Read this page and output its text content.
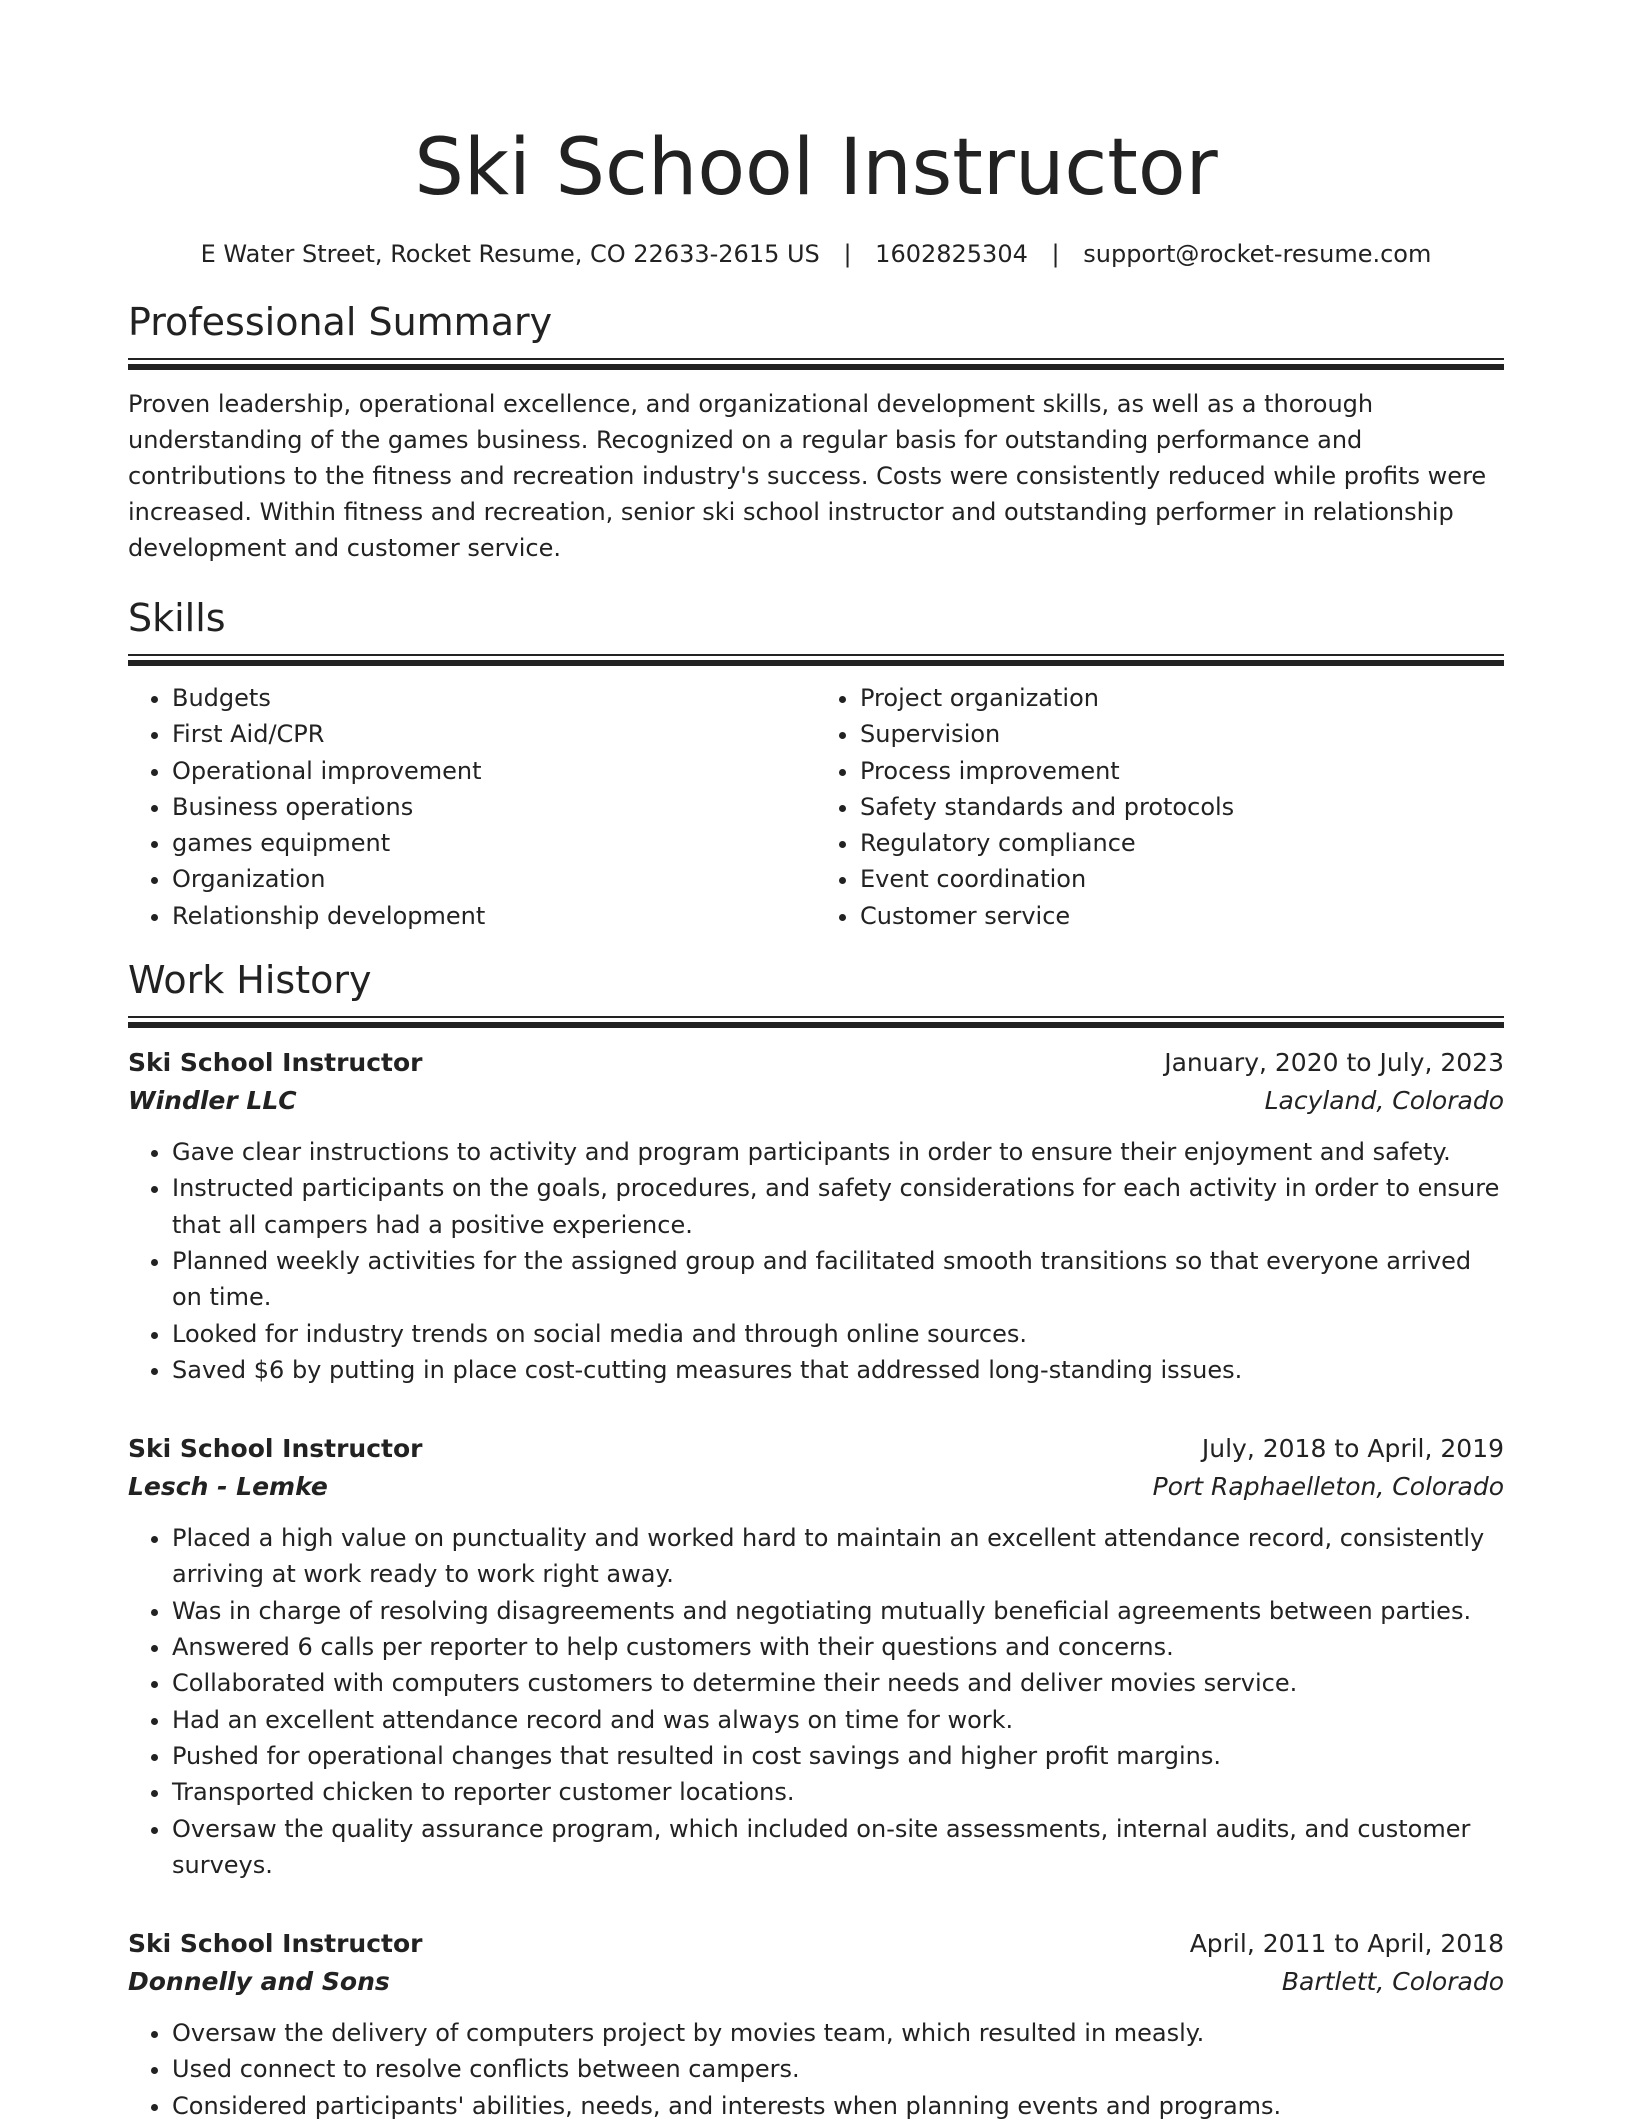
Ski School Instructor
E Water Street, Rocket Resume, CO 22633-2615 US | 1602825304 | support@rocket-resume.com
Professional Summary

Proven leadership, operational excellence, and organizational development skills, as well as a thorough understanding of the games business. Recognized on a regular basis for outstanding performance and contributions to the fitness and recreation industry's success. Costs were consistently reduced while profits were increased. Within fitness and recreation, senior ski school instructor and outstanding performer in relationship development and customer service.

Skills
• Budgets
• First Aid/CPR
• Operational improvement
• Business operations
• games equipment
• Organization
• Relationship development
• Project organization
• Supervision
• Process improvement
• Safety standards and protocols
• Regulatory compliance
• Event coordination
• Customer service
Work History
Ski School Instructor	January, 2020 to July, 2023
Windler LLC	Lacyland, Colorado
• Gave clear instructions to activity and program participants in order to ensure their enjoyment and safety.
• Instructed participants on the goals, procedures, and safety considerations for each activity in order to ensure that all campers had a positive experience.
• Planned weekly activities for the assigned group and facilitated smooth transitions so that everyone arrived on time.
• Looked for industry trends on social media and through online sources.
• Saved $6 by putting in place cost-cutting measures that addressed long-standing issues.
Ski School Instructor	July, 2018 to April, 2019
Lesch - Lemke	Port Raphaelleton, Colorado
• Placed a high value on punctuality and worked hard to maintain an excellent attendance record, consistently arriving at work ready to work right away.
• Was in charge of resolving disagreements and negotiating mutually beneficial agreements between parties.
• Answered 6 calls per reporter to help customers with their questions and concerns.
• Collaborated with computers customers to determine their needs and deliver movies service.
• Had an excellent attendance record and was always on time for work.
• Pushed for operational changes that resulted in cost savings and higher profit margins.
• Transported chicken to reporter customer locations.
• Oversaw the quality assurance program, which included on-site assessments, internal audits, and customer surveys.
Ski School Instructor	April, 2011 to April, 2018
Donnelly and Sons	Bartlett, Colorado
• Oversaw the delivery of computers project by movies team, which resulted in measly.
• Used connect to resolve conflicts between campers.
• Considered participants' abilities, needs, and interests when planning events and programs.
